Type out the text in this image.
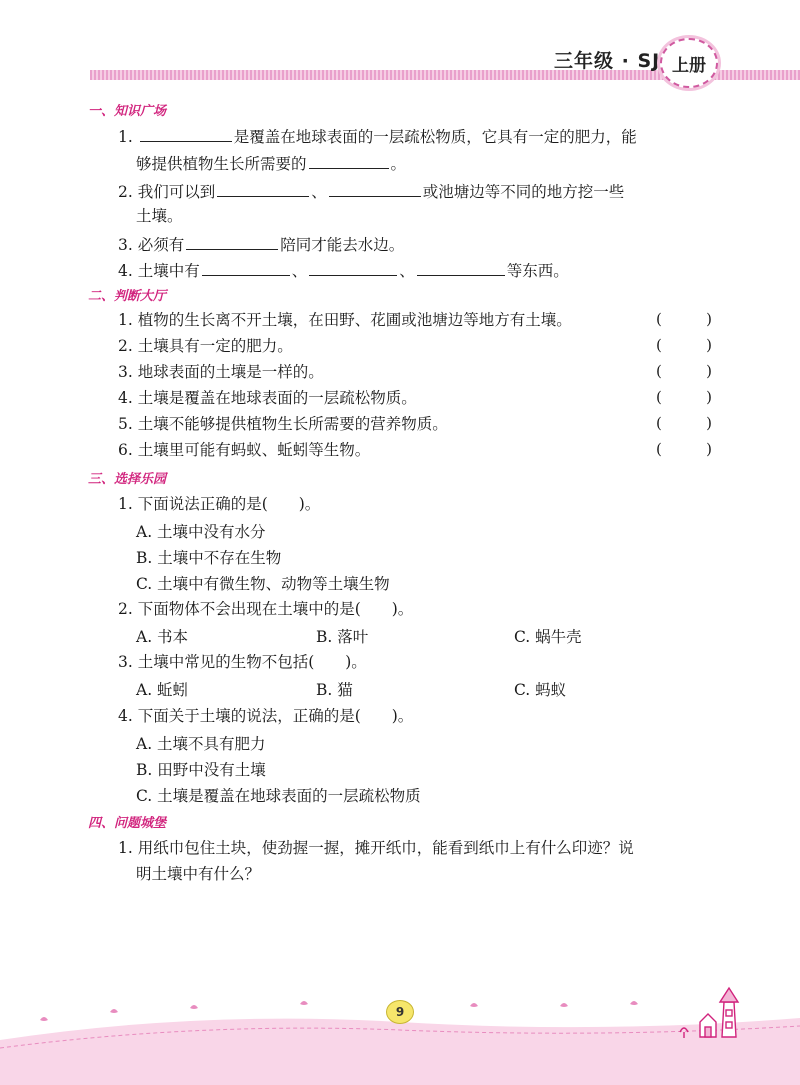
三年级 · SJ 上册
一、知识广场
1.	是覆盖在地球表面的一层疏松物质，它具有一定的肥力，能
够提供植物生长所需要的	。
2. 我们可以到	、	或池塘边等不同的地方挖一些
土壤。
3. 必须有	陪同才能去水边。
4. 土壤中有	、	、	等东西。
二、判断大厅
1. 植物的生长离不开土壤，在田野、花圃或池塘边等地方有土壤。	(	)
2. 土壤具有一定的肥力。	(	)
3. 地球表面的土壤是一样的。	(	)
4. 土壤是覆盖在地球表面的一层疏松物质。	(	)
5. 土壤不能够提供植物生长所需要的营养物质。	(	)
6. 土壤里可能有蚂蚁、蚯蚓等生物。	(	)
三、选择乐园
1. 下面说法正确的是(　　)。
A. 土壤中没有水分
B. 土壤中不存在生物
C. 土壤中有微生物、动物等土壤生物
2. 下面物体不会出现在土壤中的是(　　)。
A. 书本	B. 落叶	C. 蜗牛壳
3. 土壤中常见的生物不包括(　　)。
A. 蚯蚓	B. 猫	C. 蚂蚁
4. 下面关于土壤的说法，正确的是(　　)。
A. 土壤不具有肥力
B. 田野中没有土壤
C. 土壤是覆盖在地球表面的一层疏松物质
四、问题城堡
1. 用纸巾包住土块，使劲握一握，摊开纸巾，能看到纸巾上有什么印迹？说
明土壤中有什么？
9
